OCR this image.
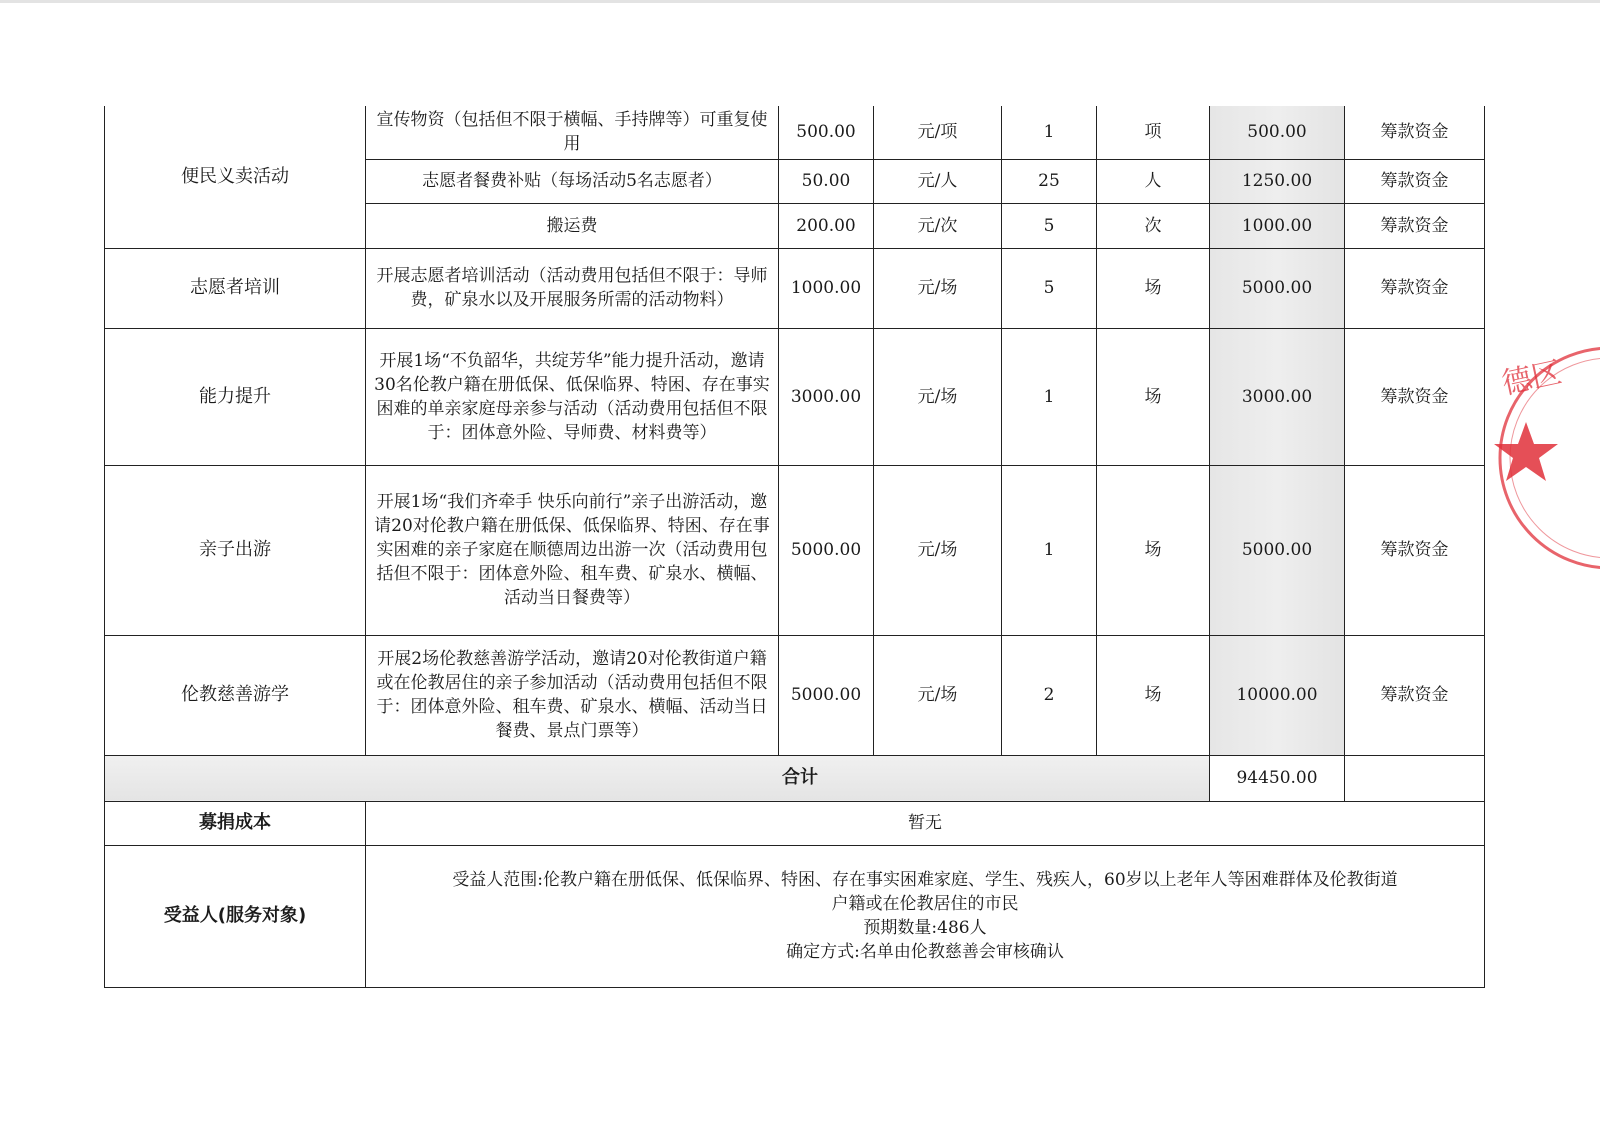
便民义卖活动	宣传物资（包括但不限于横幅、手持牌等）可重复使用	500.00	元/项	1	项	500.00	筹款资金
	志愿者餐费补贴（每场活动5名志愿者）	50.00	元/人	25	人	1250.00	筹款资金
	搬运费	200.00	元/次	5	次	1000.00	筹款资金
志愿者培训	开展志愿者培训活动（活动费用包括但不限于：导师费，矿泉水以及开展服务所需的活动物料）	1000.00	元/场	5	场	5000.00	筹款资金
能力提升	开展1场“不负韶华，共绽芳华”能力提升活动，邀请30名伦教户籍在册低保、低保临界、特困、存在事实困难的单亲家庭母亲参与活动（活动费用包括但不限于：团体意外险、导师费、材料费等）	3000.00	元/场	1	场	3000.00	筹款资金
亲子出游	开展1场“我们齐牵手 快乐向前行”亲子出游活动，邀请20对伦教户籍在册低保、低保临界、特困、存在事实困难的亲子家庭在顺德周边出游一次（活动费用包括但不限于：团体意外险、租车费、矿泉水、横幅、活动当日餐费等）	5000.00	元/场	1	场	5000.00	筹款资金
伦教慈善游学	开展2场伦教慈善游学活动，邀请20对伦教街道户籍或在伦教居住的亲子参加活动（活动费用包括但不限于：团体意外险、租车费、矿泉水、横幅、活动当日餐费、景点门票等）	5000.00	元/场	2	场	10000.00	筹款资金
合计						94450.00	
募捐成本	暂无						
受益人(服务对象)	受益人范围:伦教户籍在册低保、低保临界、特困、存在事实困难家庭、学生、残疾人，60岁以上老年人等困难群体及伦教街道
户籍或在伦教居住的市民
预期数量:486人
确定方式:名单由伦教慈善会审核确认						
德区
